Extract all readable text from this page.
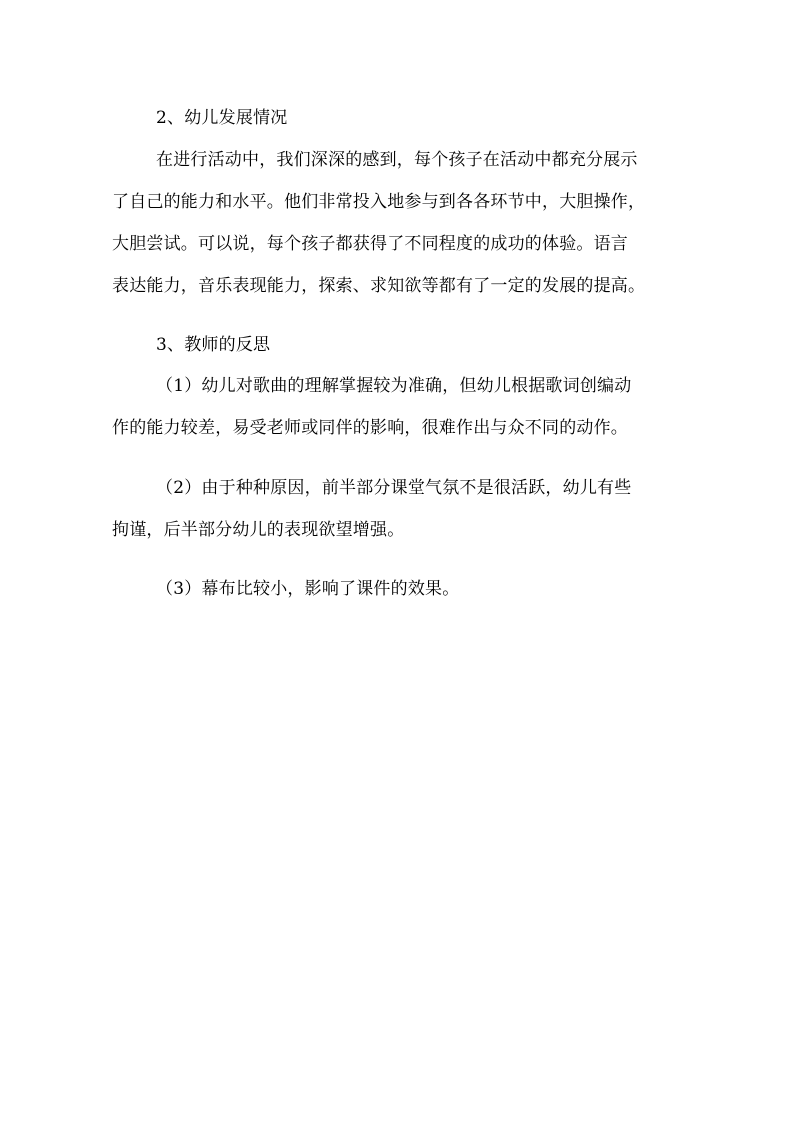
2、幼儿发展情况
在进行活动中，我们深深的感到，每个孩子在活动中都充分展示
了自己的能力和水平。他们非常投入地参与到各各环节中，大胆操作，
大胆尝试。可以说，每个孩子都获得了不同程度的成功的体验。语言
表达能力，音乐表现能力，探索、求知欲等都有了一定的发展的提高。
3、教师的反思
（1）幼儿对歌曲的理解掌握较为准确，但幼儿根据歌词创编动
作的能力较差，易受老师或同伴的影响，很难作出与众不同的动作。
（2）由于种种原因，前半部分课堂气氛不是很活跃，幼儿有些
拘谨，后半部分幼儿的表现欲望增强。
（3）幕布比较小，影响了课件的效果。
